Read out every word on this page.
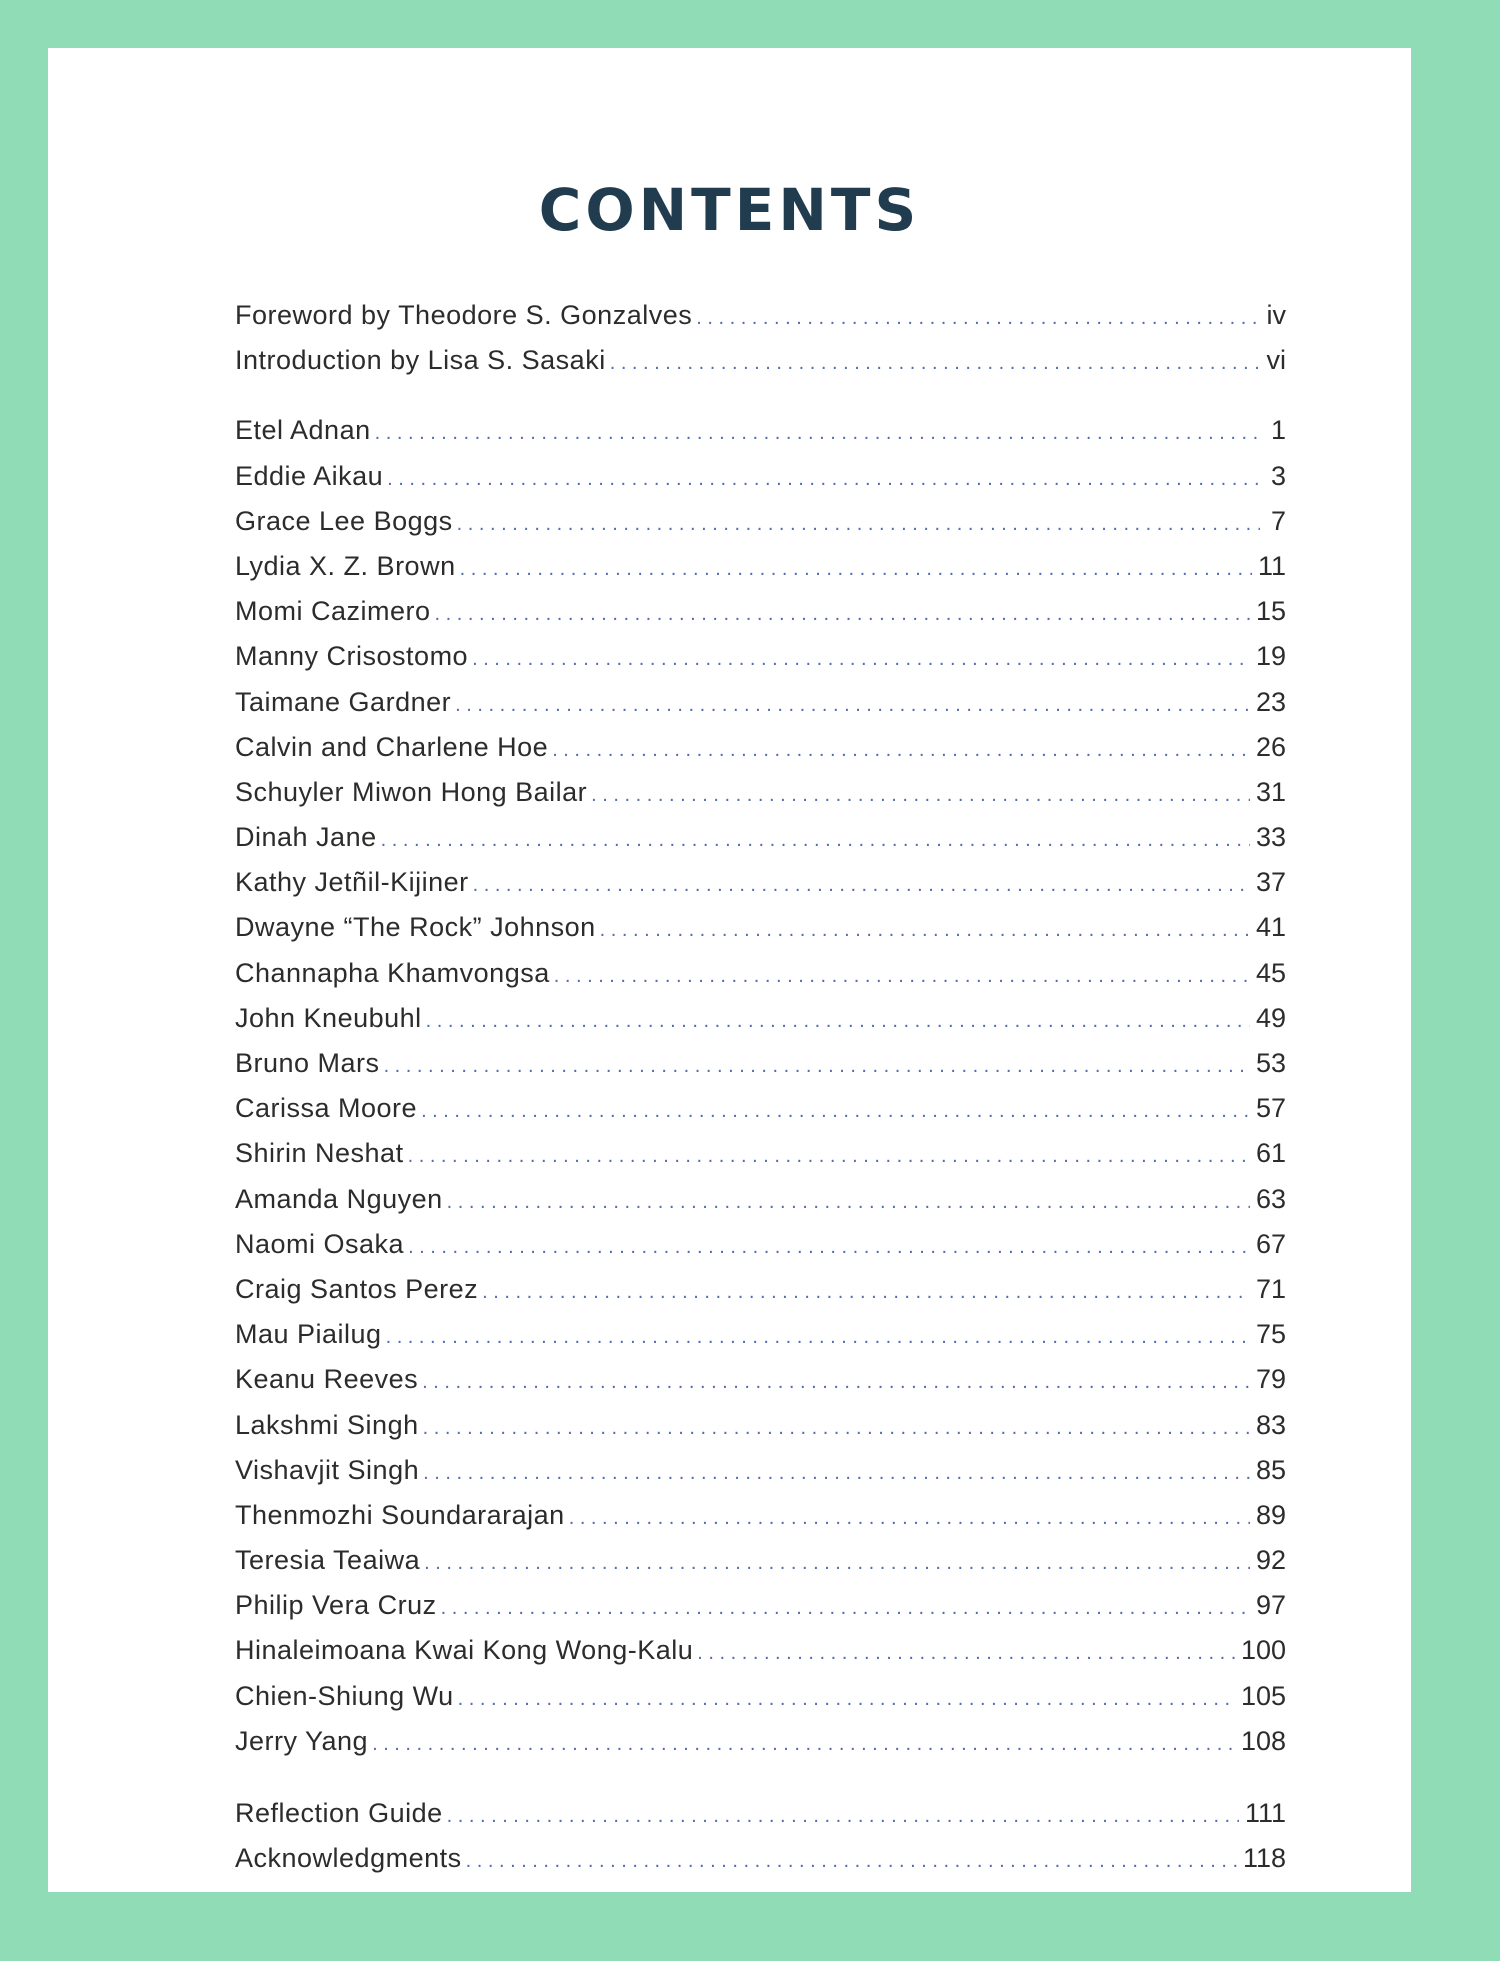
CONTENTS
Foreword by Theodore S. Gonzalves . . .	iv
Introduction by Lisa S. Sasaki . . .	vi
Etel Adnan . . .	1
Eddie Aikau . . .	3
Grace Lee Boggs . . .	7
Lydia X. Z. Brown . . .	11
Momi Cazimero . . .	15
Manny Crisostomo . . .	19
Taimane Gardner . . .	23
Calvin and Charlene Hoe . . .	26
Schuyler Miwon Hong Bailar . . .	31
Dinah Jane . . .	33
Kathy Jetñil-Kijiner . . .	37
Dwayne “The Rock” Johnson . . .	41
Channapha Khamvongsa . . .	45
John Kneubuhl . . .	49
Bruno Mars . . .	53
Carissa Moore . . .	57
Shirin Neshat . . .	61
Amanda Nguyen . . .	63
Naomi Osaka . . .	67
Craig Santos Perez . . .	71
Mau Piailug . . .	75
Keanu Reeves . . .	79
Lakshmi Singh . . .	83
Vishavjit Singh . . .	85
Thenmozhi Soundararajan . . .	89
Teresia Teaiwa . . .	92
Philip Vera Cruz . . .	97
Hinaleimoana Kwai Kong Wong-Kalu . . .	100
Chien-Shiung Wu . . .	105
Jerry Yang . . .	108
Reflection Guide . . .	111
Acknowledgments . . .	118
